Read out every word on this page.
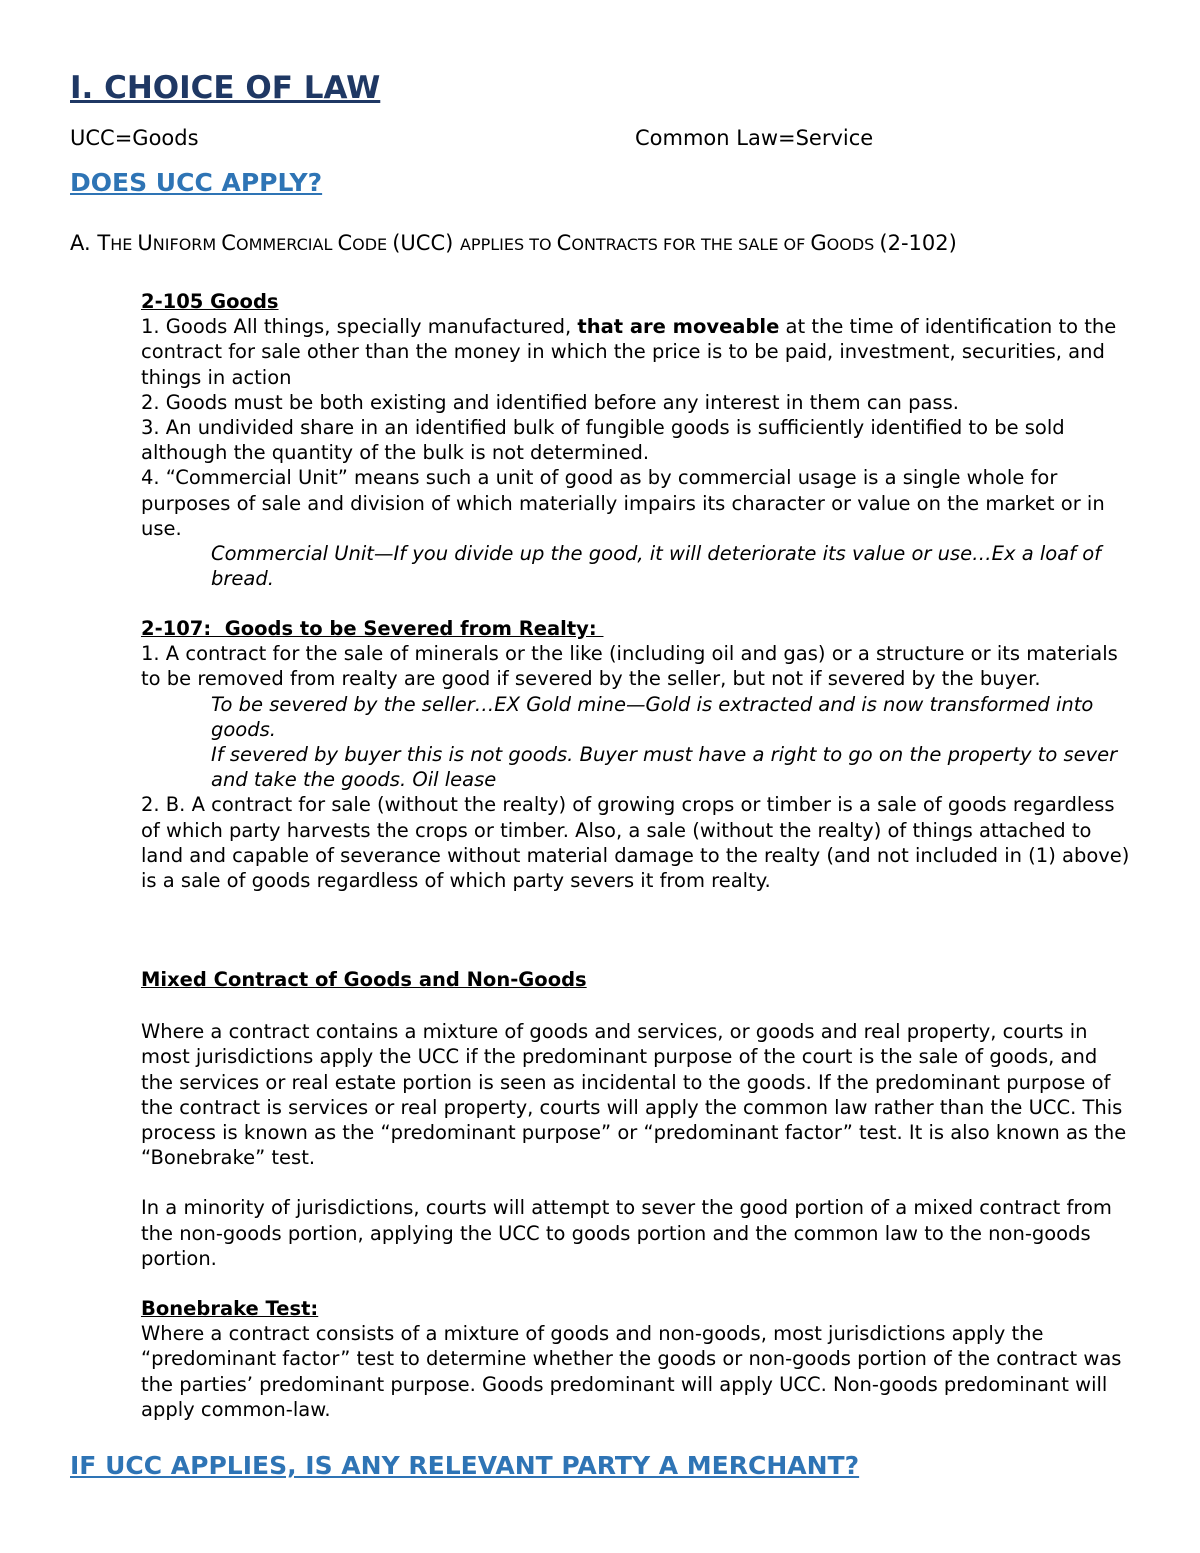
I. CHOICE OF LAW
UCC=Goods	Common Law=Service
DOES UCC APPLY?
A. THE UNIFORM COMMERCIAL CODE (UCC) APPLIES TO CONTRACTS FOR THE SALE OF GOODS (2-102)

2-105 Goods

1. Goods All things, specially manufactured, that are moveable at the time of identification to the contract for sale other than the money in which the price is to be paid, investment, securities, and things in action

2. Goods must be both existing and identified before any interest in them can pass.

3. An undivided share in an identified bulk of fungible goods is sufficiently identified to be sold although the quantity of the bulk is not determined.

4. “Commercial Unit” means such a unit of good as by commercial usage is a single whole for purposes of sale and division of which materially impairs its character or value on the market or in use.

Commercial Unit—If you divide up the good, it will deteriorate its value or use…Ex a loaf of bread.

2-107:  Goods to be Severed from Realty:

1. A contract for the sale of minerals or the like (including oil and gas) or a structure or its materials to be removed from realty are good if severed by the seller, but not if severed by the buyer.

To be severed by the seller…EX Gold mine—Gold is extracted and is now transformed into goods.

If severed by buyer this is not goods. Buyer must have a right to go on the property to sever and take the goods. Oil lease

2. B. A contract for sale (without the realty) of growing crops or timber is a sale of goods regardless of which party harvests the crops or timber. Also, a sale (without the realty) of things attached to land and capable of severance without material damage to the realty (and not included in (1) above) is a sale of goods regardless of which party severs it from realty.

Mixed Contract of Goods and Non-Goods

Where a contract contains a mixture of goods and services, or goods and real property, courts in most jurisdictions apply the UCC if the predominant purpose of the court is the sale of goods, and the services or real estate portion is seen as incidental to the goods. If the predominant purpose of the contract is services or real property, courts will apply the common law rather than the UCC. This process is known as the “predominant purpose” or “predominant factor” test. It is also known as the “Bonebrake” test.

In a minority of jurisdictions, courts will attempt to sever the good portion of a mixed contract from the non-goods portion, applying the UCC to goods portion and the common law to the non-goods portion.

Bonebrake Test:

Where a contract consists of a mixture of goods and non-goods, most jurisdictions apply the “predominant factor” test to determine whether the goods or non-goods portion of the contract was the parties’ predominant purpose. Goods predominant will apply UCC. Non-goods predominant will apply common-law.

IF UCC APPLIES, IS ANY RELEVANT PARTY A MERCHANT?
